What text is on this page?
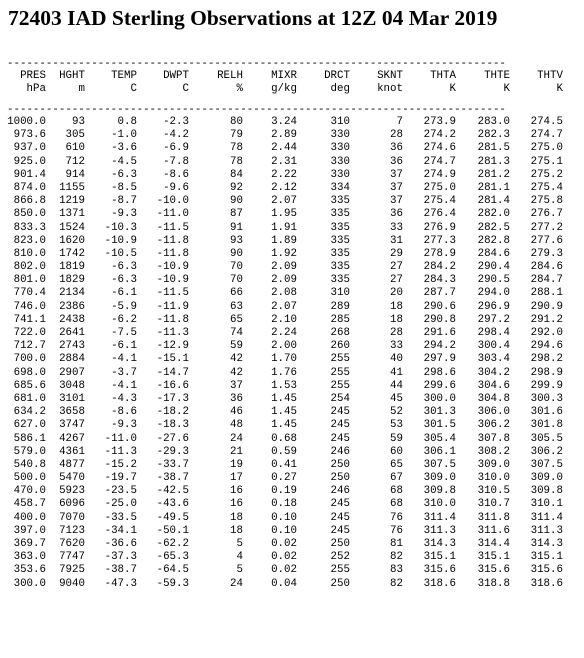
72403 IAD Sterling Observations at 12Z 04 Mar 2019
-----------------------------------------------------------------------------
PRES	HGHT	TEMP	DWPT	RELH	MIXR	DRCT	SKNT	THTA	THTE	THTV
hPa	m	C	C	%	g/kg	deg	knot	K	K	K
-----------------------------------------------------------------------------
1000.0	93	0.8	-2.3	80	3.24	310	7	273.9	283.0	274.5
973.6	305	-1.0	-4.2	79	2.89	330	28	274.2	282.3	274.7
937.0	610	-3.6	-6.9	78	2.44	330	36	274.6	281.5	275.0
925.0	712	-4.5	-7.8	78	2.31	330	36	274.7	281.3	275.1
901.4	914	-6.3	-8.6	84	2.22	330	37	274.9	281.2	275.2
874.0	1155	-8.5	-9.6	92	2.12	334	37	275.0	281.1	275.4
866.8	1219	-8.7	-10.0	90	2.07	335	37	275.4	281.4	275.8
850.0	1371	-9.3	-11.0	87	1.95	335	36	276.4	282.0	276.7
833.3	1524	-10.3	-11.5	91	1.91	335	33	276.9	282.5	277.2
823.0	1620	-10.9	-11.8	93	1.89	335	31	277.3	282.8	277.6
810.0	1742	-10.5	-11.8	90	1.92	335	29	278.9	284.6	279.3
802.0	1819	-6.3	-10.9	70	2.09	335	27	284.2	290.4	284.6
801.0	1829	-6.3	-10.9	70	2.09	335	27	284.3	290.5	284.7
770.4	2134	-6.1	-11.5	66	2.08	310	20	287.7	294.0	288.1
746.0	2386	-5.9	-11.9	63	2.07	289	18	290.6	296.9	290.9
741.1	2438	-6.2	-11.8	65	2.10	285	18	290.8	297.2	291.2
722.0	2641	-7.5	-11.3	74	2.24	268	28	291.6	298.4	292.0
712.7	2743	-6.1	-12.9	59	2.00	260	33	294.2	300.4	294.6
700.0	2884	-4.1	-15.1	42	1.70	255	40	297.9	303.4	298.2
698.0	2907	-3.7	-14.7	42	1.76	255	41	298.6	304.2	298.9
685.6	3048	-4.1	-16.6	37	1.53	255	44	299.6	304.6	299.9
681.0	3101	-4.3	-17.3	36	1.45	254	45	300.0	304.8	300.3
634.2	3658	-8.6	-18.2	46	1.45	245	52	301.3	306.0	301.6
627.0	3747	-9.3	-18.3	48	1.45	245	53	301.5	306.2	301.8
586.1	4267	-11.0	-27.6	24	0.68	245	59	305.4	307.8	305.5
579.0	4361	-11.3	-29.3	21	0.59	246	60	306.1	308.2	306.2
540.8	4877	-15.2	-33.7	19	0.41	250	65	307.5	309.0	307.5
500.0	5470	-19.7	-38.7	17	0.27	250	67	309.0	310.0	309.0
470.0	5923	-23.5	-42.5	16	0.19	246	68	309.8	310.5	309.8
458.7	6096	-25.0	-43.6	16	0.18	245	68	310.0	310.7	310.1
400.0	7070	-33.5	-49.5	18	0.10	245	76	311.4	311.8	311.4
397.0	7123	-34.1	-50.1	18	0.10	245	76	311.3	311.6	311.3
369.7	7620	-36.6	-62.2	5	0.02	250	81	314.3	314.4	314.3
363.0	7747	-37.3	-65.3	4	0.02	252	82	315.1	315.1	315.1
353.6	7925	-38.7	-64.5	5	0.02	255	83	315.6	315.6	315.6
300.0	9040	-47.3	-59.3	24	0.04	250	82	318.6	318.8	318.6
